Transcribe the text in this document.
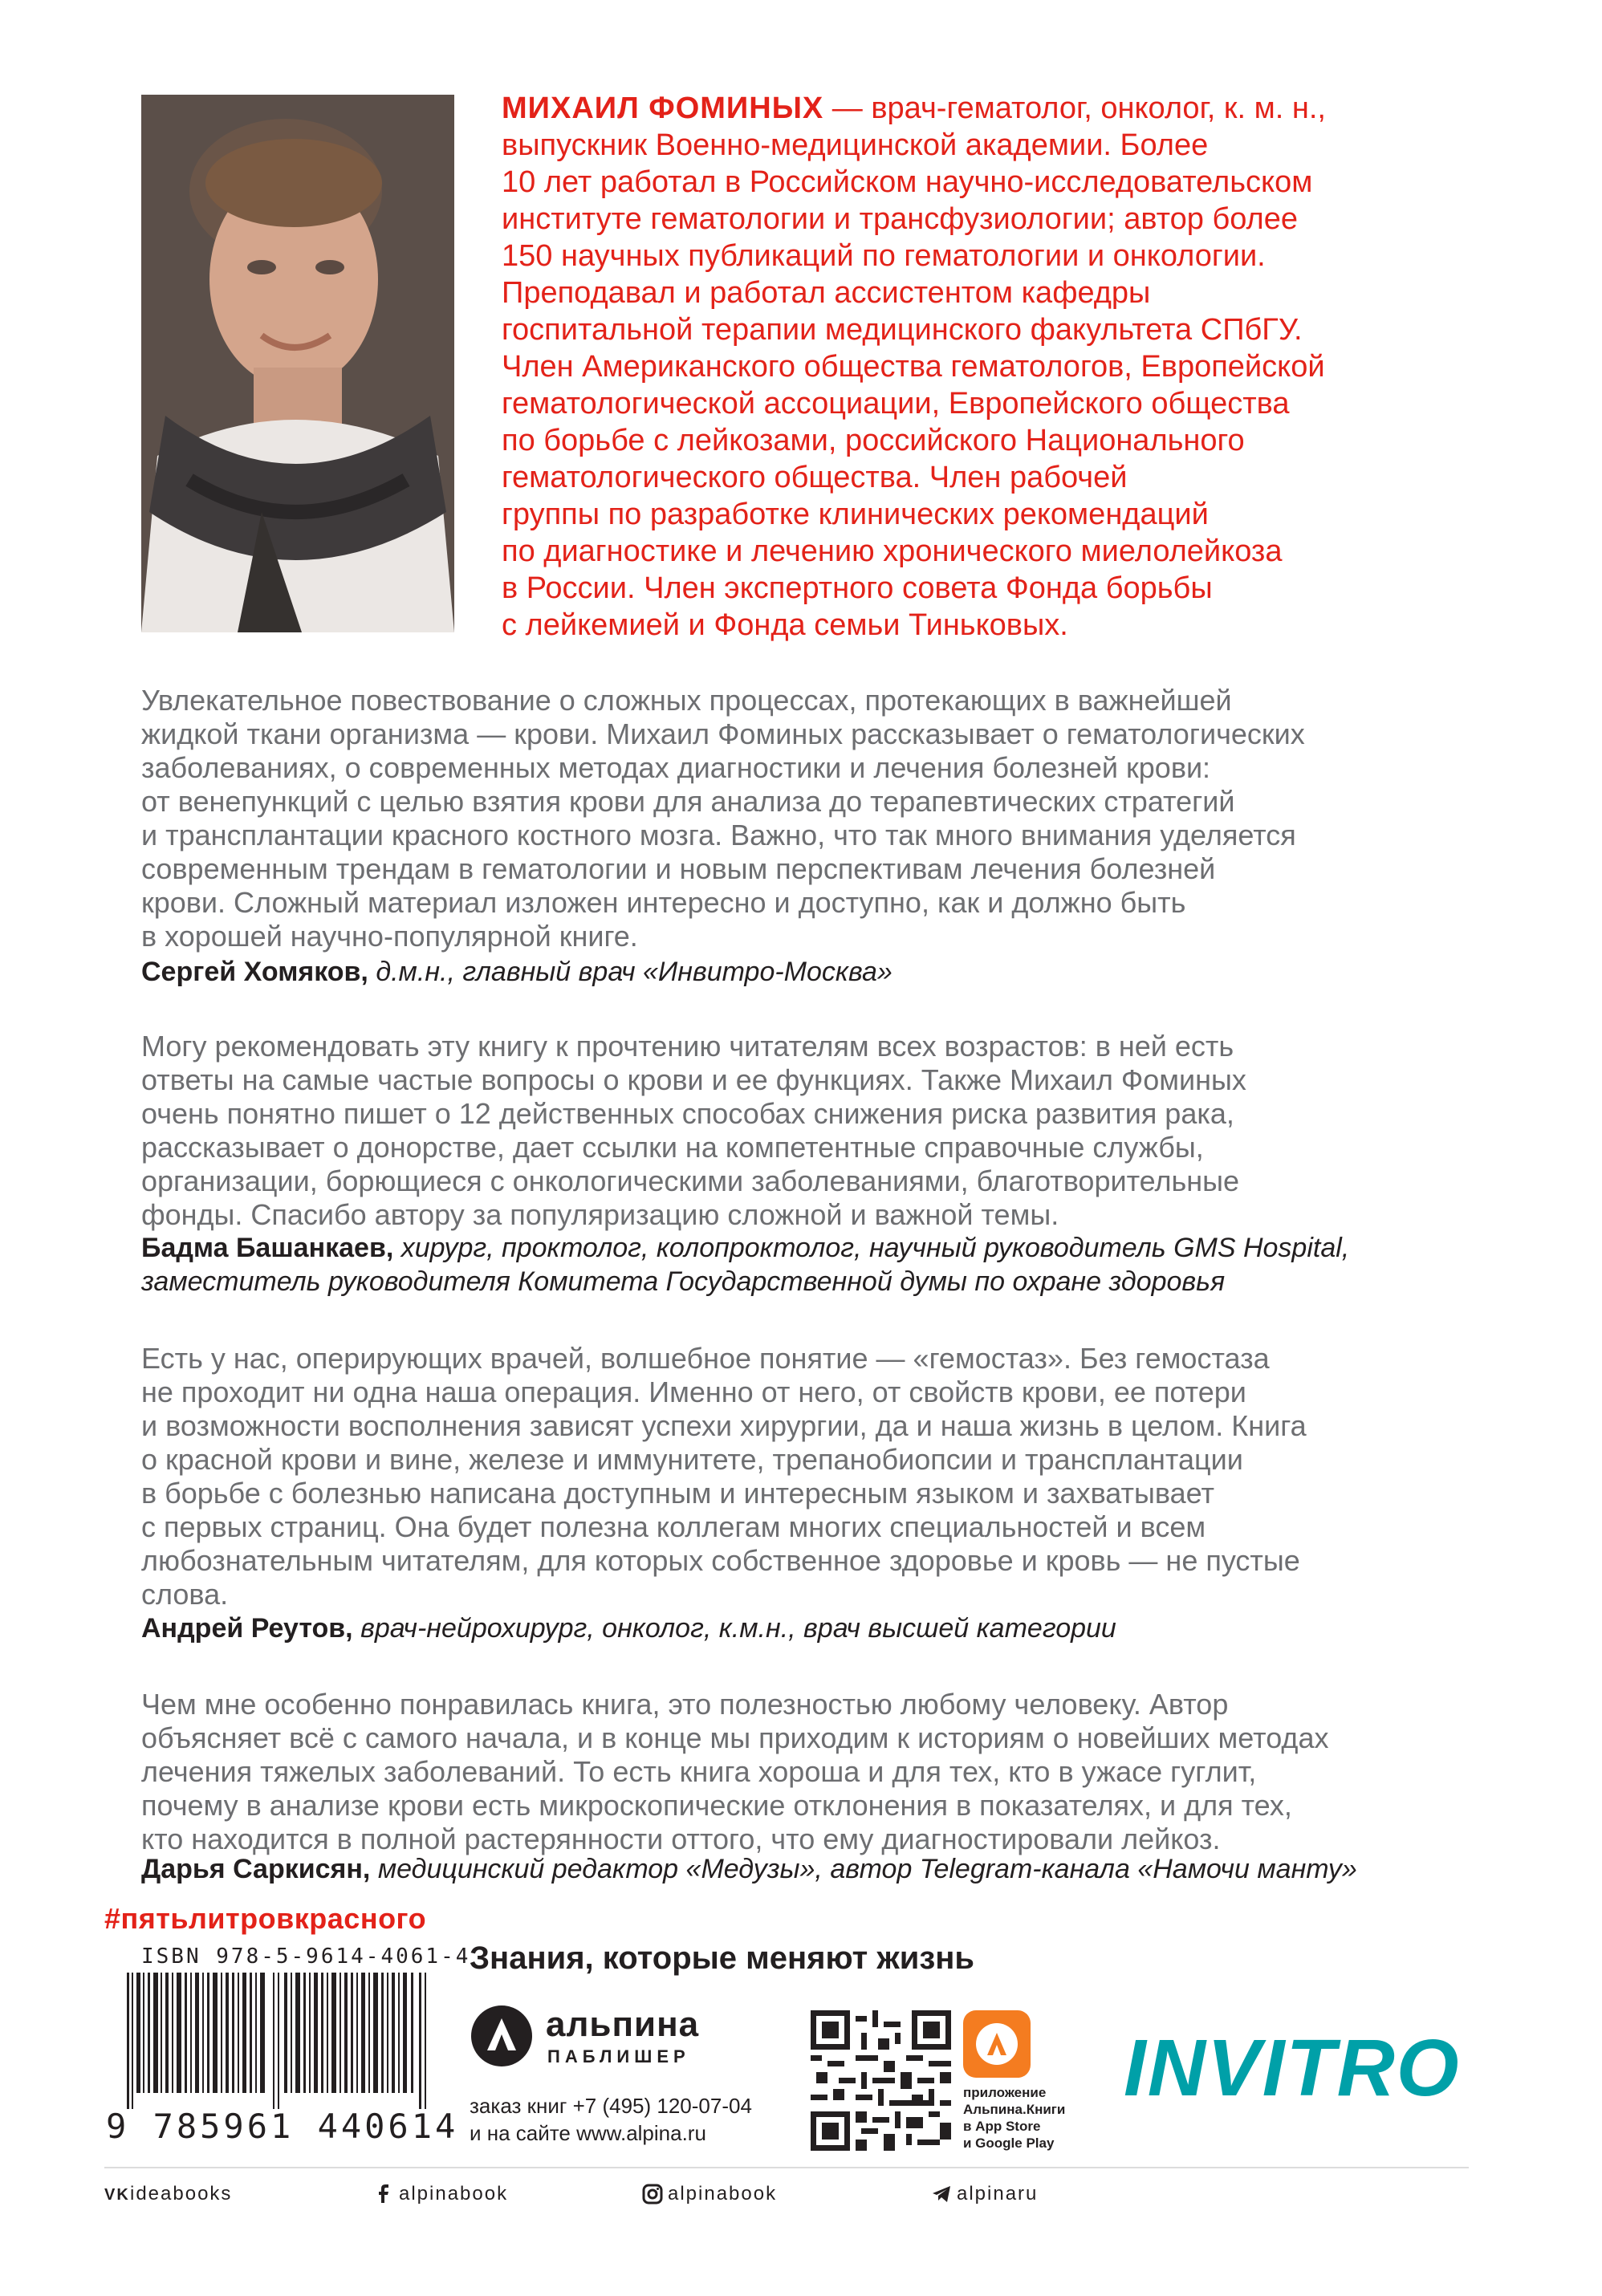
МИХАИЛ ФОМИНЫХ — врач-гематолог, онколог, к. м. н.,
выпускник Военно-медицинской академии. Более
10 лет работал в Российском научно-исследовательском
институте гематологии и трансфузиологии; автор более
150 научных публикаций по гематологии и онкологии.
Преподавал и работал ассистентом кафедры
госпитальной терапии медицинского факультета СПбГУ.
Член Американского общества гематологов, Европейской
гематологической ассоциации, Европейского общества
по борьбе с лейкозами, российского Национального
гематологического общества. Член рабочей
группы по разработке клинических рекомендаций
по диагностике и лечению хронического миелолейкоза
в России. Член экспертного совета Фонда борьбы
с лейкемией и Фонда семьи Тиньковых.
Увлекательное повествование о сложных процессах, протекающих в важнейшей
жидкой ткани организма — крови. Михаил Фоминых рассказывает о гематологических
заболеваниях, о современных методах диагностики и лечения болезней крови:
от венепункций с целью взятия крови для анализа до терапевтических стратегий
и трансплантации красного костного мозга. Важно, что так много внимания уделяется
современным трендам в гематологии и новым перспективам лечения болезней
крови. Сложный материал изложен интересно и доступно, как и должно быть
в хорошей научно-популярной книге.
Сергей Хомяков, д.м.н., главный врач «Инвитро-Москва»
Могу рекомендовать эту книгу к прочтению читателям всех возрастов: в ней есть
ответы на самые частые вопросы о крови и ее функциях. Также Михаил Фоминых
очень понятно пишет о 12 действенных способах снижения риска развития рака,
рассказывает о донорстве, дает ссылки на компетентные справочные службы,
организации, борющиеся с онкологическими заболеваниями, благотворительные
фонды. Спасибо автору за популяризацию сложной и важной темы.
Бадма Башанкаев, хирург, проктолог, колопроктолог, научный руководитель GMS Hospital,
заместитель руководителя Комитета Государственной думы по охране здоровья
Есть у нас, оперирующих врачей, волшебное понятие — «гемостаз». Без гемостаза
не проходит ни одна наша операция. Именно от него, от свойств крови, ее потери
и возможности восполнения зависят успехи хирургии, да и наша жизнь в целом. Книга
о красной крови и вине, железе и иммунитете, трепанобиопсии и трансплантации
в борьбе с болезнью написана доступным и интересным языком и захватывает
с первых страниц. Она будет полезна коллегам многих специальностей и всем
любознательным читателям, для которых собственное здоровье и кровь — не пустые
слова.
Андрей Реутов, врач-нейрохирург, онколог, к.м.н., врач высшей категории
Чем мне особенно понравилась книга, это полезностью любому человеку. Автор
объясняет всё с самого начала, и в конце мы приходим к историям о новейших методах
лечения тяжелых заболеваний. То есть книга хороша и для тех, кто в ужасе гуглит,
почему в анализе крови есть микроскопические отклонения в показателях, и для тех,
кто находится в полной растерянности оттого, что ему диагностировали лейкоз.
Дарья Саркисян, медицинский редактор «Медузы», автор Telegram-канала «Намочи манту»
#пятьлитровкрасного
ISBN 978-5-9614-4061-4
9 785961 440614
Знания, которые меняют жизнь
альпина
ПАБЛИШЕР
заказ книг +7 (495) 120-07-04
и на сайте www.alpina.ru
приложение
Альпина.Книги
в App Store
и Google Play
INVITRO
VK ideabooks	alpinabook	alpinabook	alpinaru
